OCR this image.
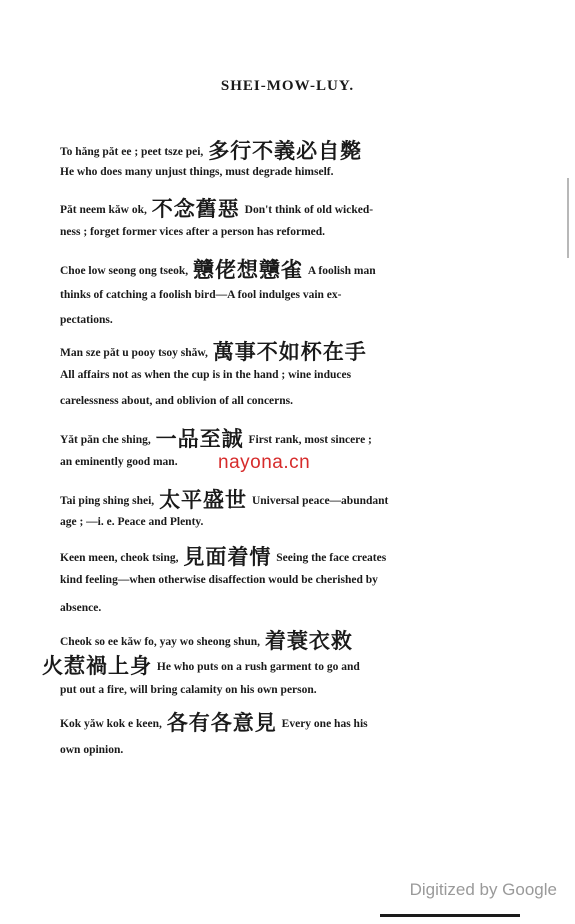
SHEI-MOW-LUY.
To hăng păt ee ; peet tsze pei, 多行不義必自斃
He who does many unjust things, must degrade himself.
Păt neem kăw ok, 不念舊惡 Don't think of old wicked-
ness ; forget former vices after a person has reformed.
Choe low seong ong tseok, 戇佬想戇雀 A foolish man
thinks of catching a foolish bird—A fool indulges vain ex-
pectations.
Man sze păt u pooy tsoy shăw, 萬事不如杯在手
All affairs not as when the cup is in the hand ; wine induces
carelessness about, and oblivion of all concerns.
Yăt păn che shing, 一品至誠 First rank, most sincere ;
an eminently good man.
Tai ping shing shei, 太平盛世 Universal peace—abundant
age ; —i. e. Peace and Plenty.
Keen meen, cheok tsing, 見面着情 Seeing the face creates
kind feeling—when otherwise disaffection would be cherished by
absence.
Cheok so ee kăw fo, yay wo sheong shun, 着蓑衣救
火惹禍上身 He who puts on a rush garment to go and
put out a fire, will bring calamity on his own person.
Kok yăw kok e keen, 各有各意見 Every one has his
own opinion.
nayona.cn
Digitized by Google
